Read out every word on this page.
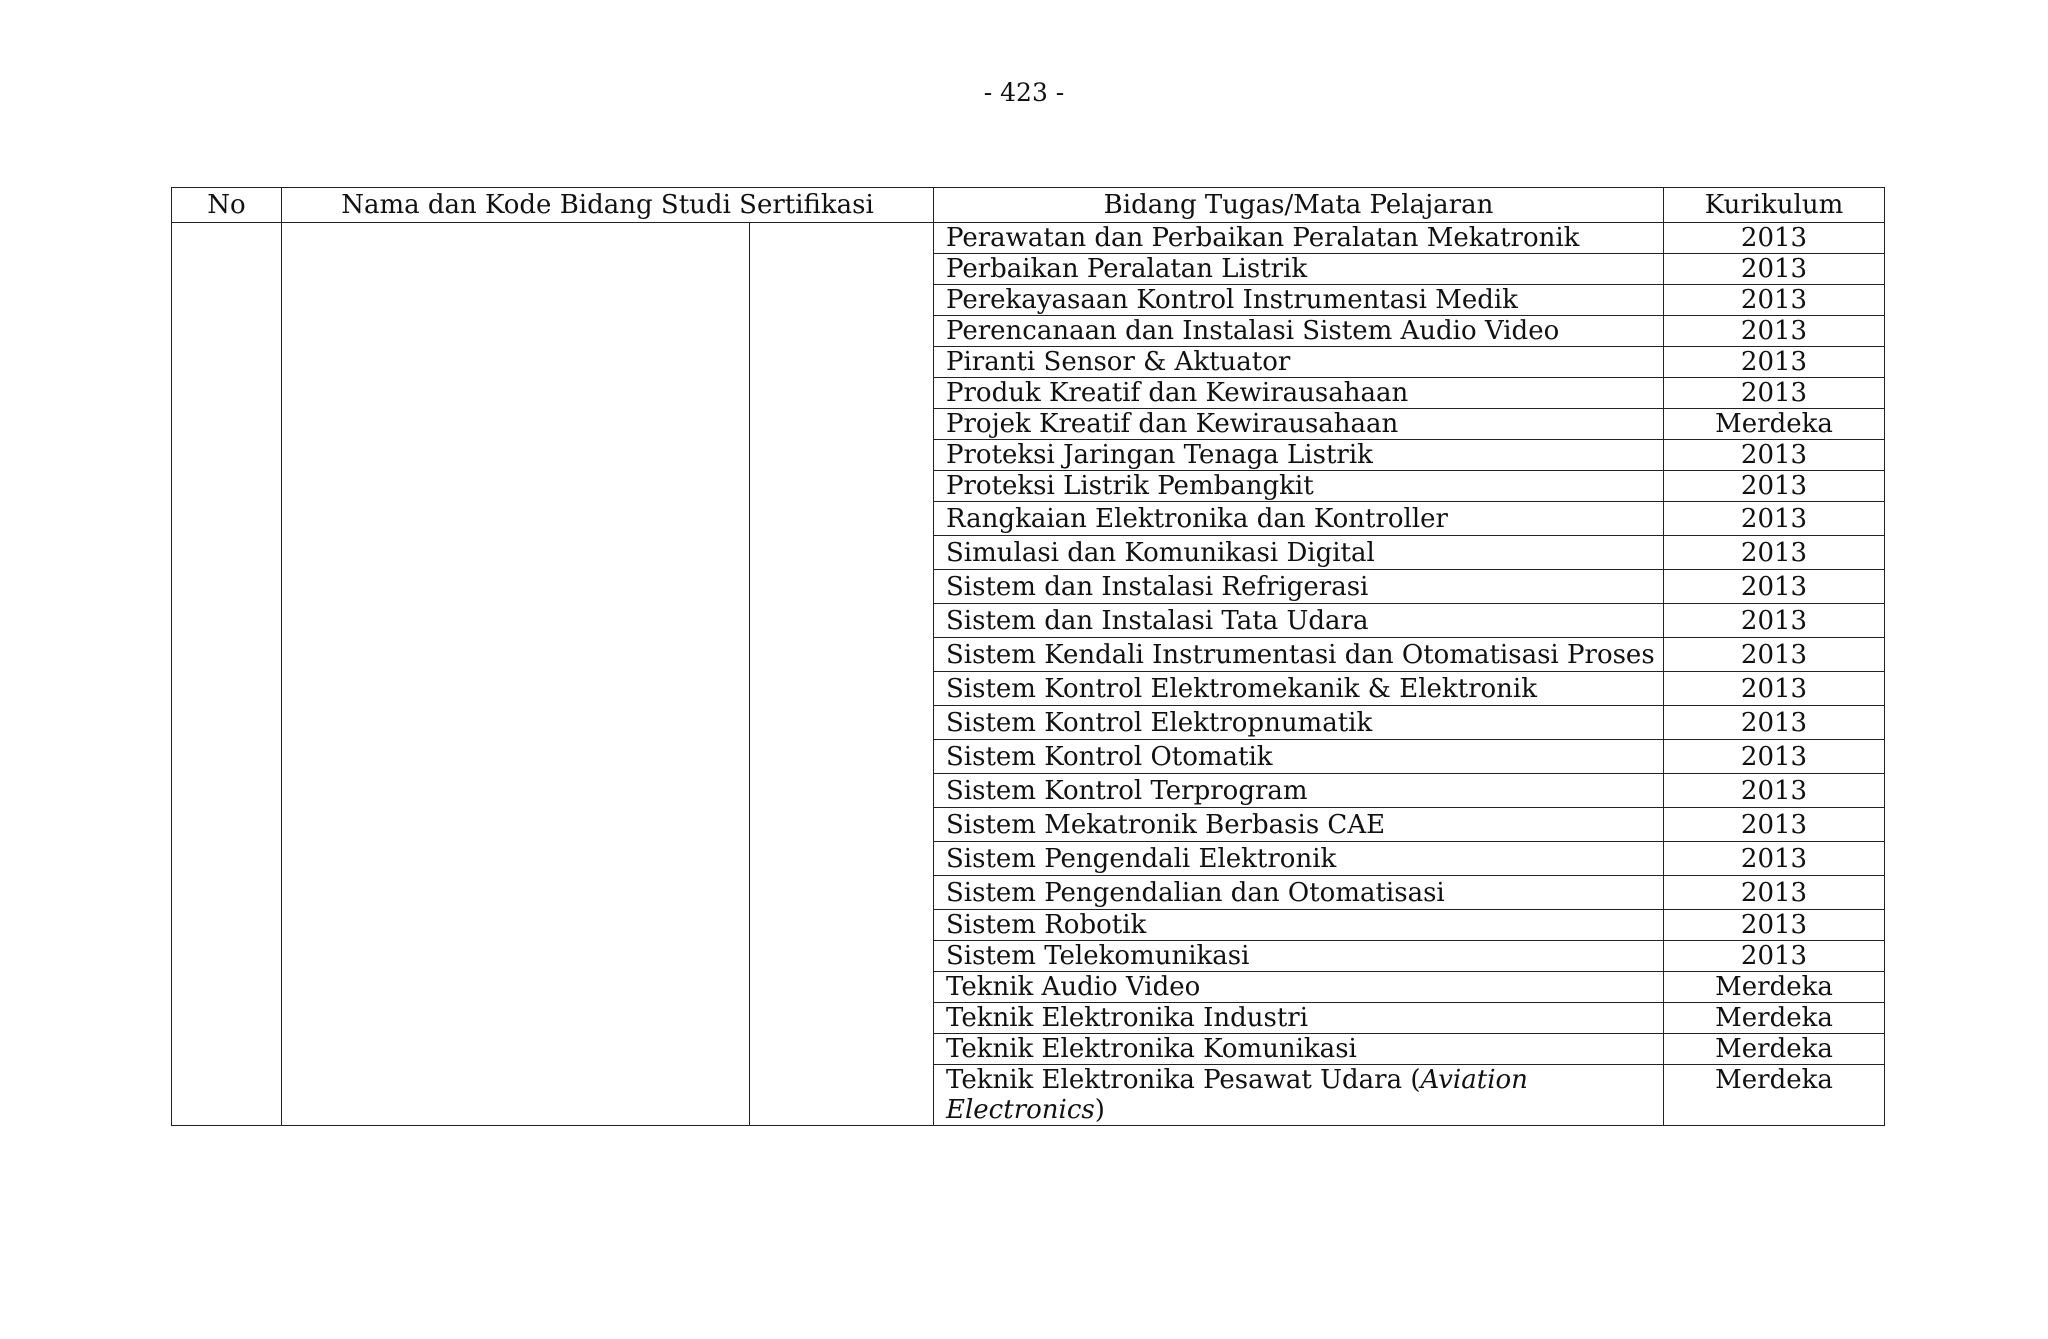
- 423 -
No	Nama dan Kode Bidang Studi Sertifikasi		Bidang Tugas/Mata Pelajaran	Kurikulum
			Perawatan dan Perbaikan Peralatan Mekatronik	2013
			Perbaikan Peralatan Listrik	2013
			Perekayasaan Kontrol Instrumentasi Medik	2013
			Perencanaan dan Instalasi Sistem Audio Video	2013
			Piranti Sensor & Aktuator	2013
			Produk Kreatif dan Kewirausahaan	2013
			Projek Kreatif dan Kewirausahaan	Merdeka
			Proteksi Jaringan Tenaga Listrik	2013
			Proteksi Listrik Pembangkit	2013
			Rangkaian Elektronika dan Kontroller	2013
			Simulasi dan Komunikasi Digital	2013
			Sistem dan Instalasi Refrigerasi	2013
			Sistem dan Instalasi Tata Udara	2013
			Sistem Kendali Instrumentasi dan Otomatisasi Proses	2013
			Sistem Kontrol Elektromekanik & Elektronik	2013
			Sistem Kontrol Elektropnumatik	2013
			Sistem Kontrol Otomatik	2013
			Sistem Kontrol Terprogram	2013
			Sistem Mekatronik Berbasis CAE	2013
			Sistem Pengendali Elektronik	2013
			Sistem Pengendalian dan Otomatisasi	2013
			Sistem Robotik	2013
			Sistem Telekomunikasi	2013
			Teknik Audio Video	Merdeka
			Teknik Elektronika Industri	Merdeka
			Teknik Elektronika Komunikasi	Merdeka
			Teknik Elektronika Pesawat Udara (Aviation Electronics)	Merdeka
